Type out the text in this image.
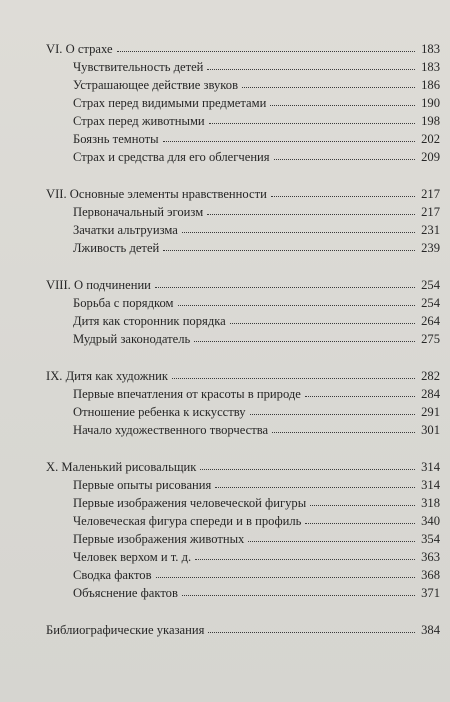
VI. О страхе	183
Чувствительность детей	183
Устрашающее действие звуков	186
Страх перед видимыми предметами	190
Страх перед животными	198
Боязнь темноты	202
Страх и средства для его облегчения	209
VII. Основные элементы нравственности	217
Первоначальный эгоизм	217
Зачатки альтруизма	231
Лживость детей	239
VIII. О подчинении	254
Борьба с порядком	254
Дитя как сторонник порядка	264
Мудрый законодатель	275
IX. Дитя как художник	282
Первые впечатления от красоты в природе	284
Отношение ребенка к искусству	291
Начало художественного творчества	301
X. Маленький рисовальщик	314
Первые опыты рисования	314
Первые изображения человеческой фигуры	318
Человеческая фигура спереди и в профиль	340
Первые изображения животных	354
Человек верхом и т. д.	363
Сводка фактов	368
Объяснение фактов	371
Библиографические указания	384
